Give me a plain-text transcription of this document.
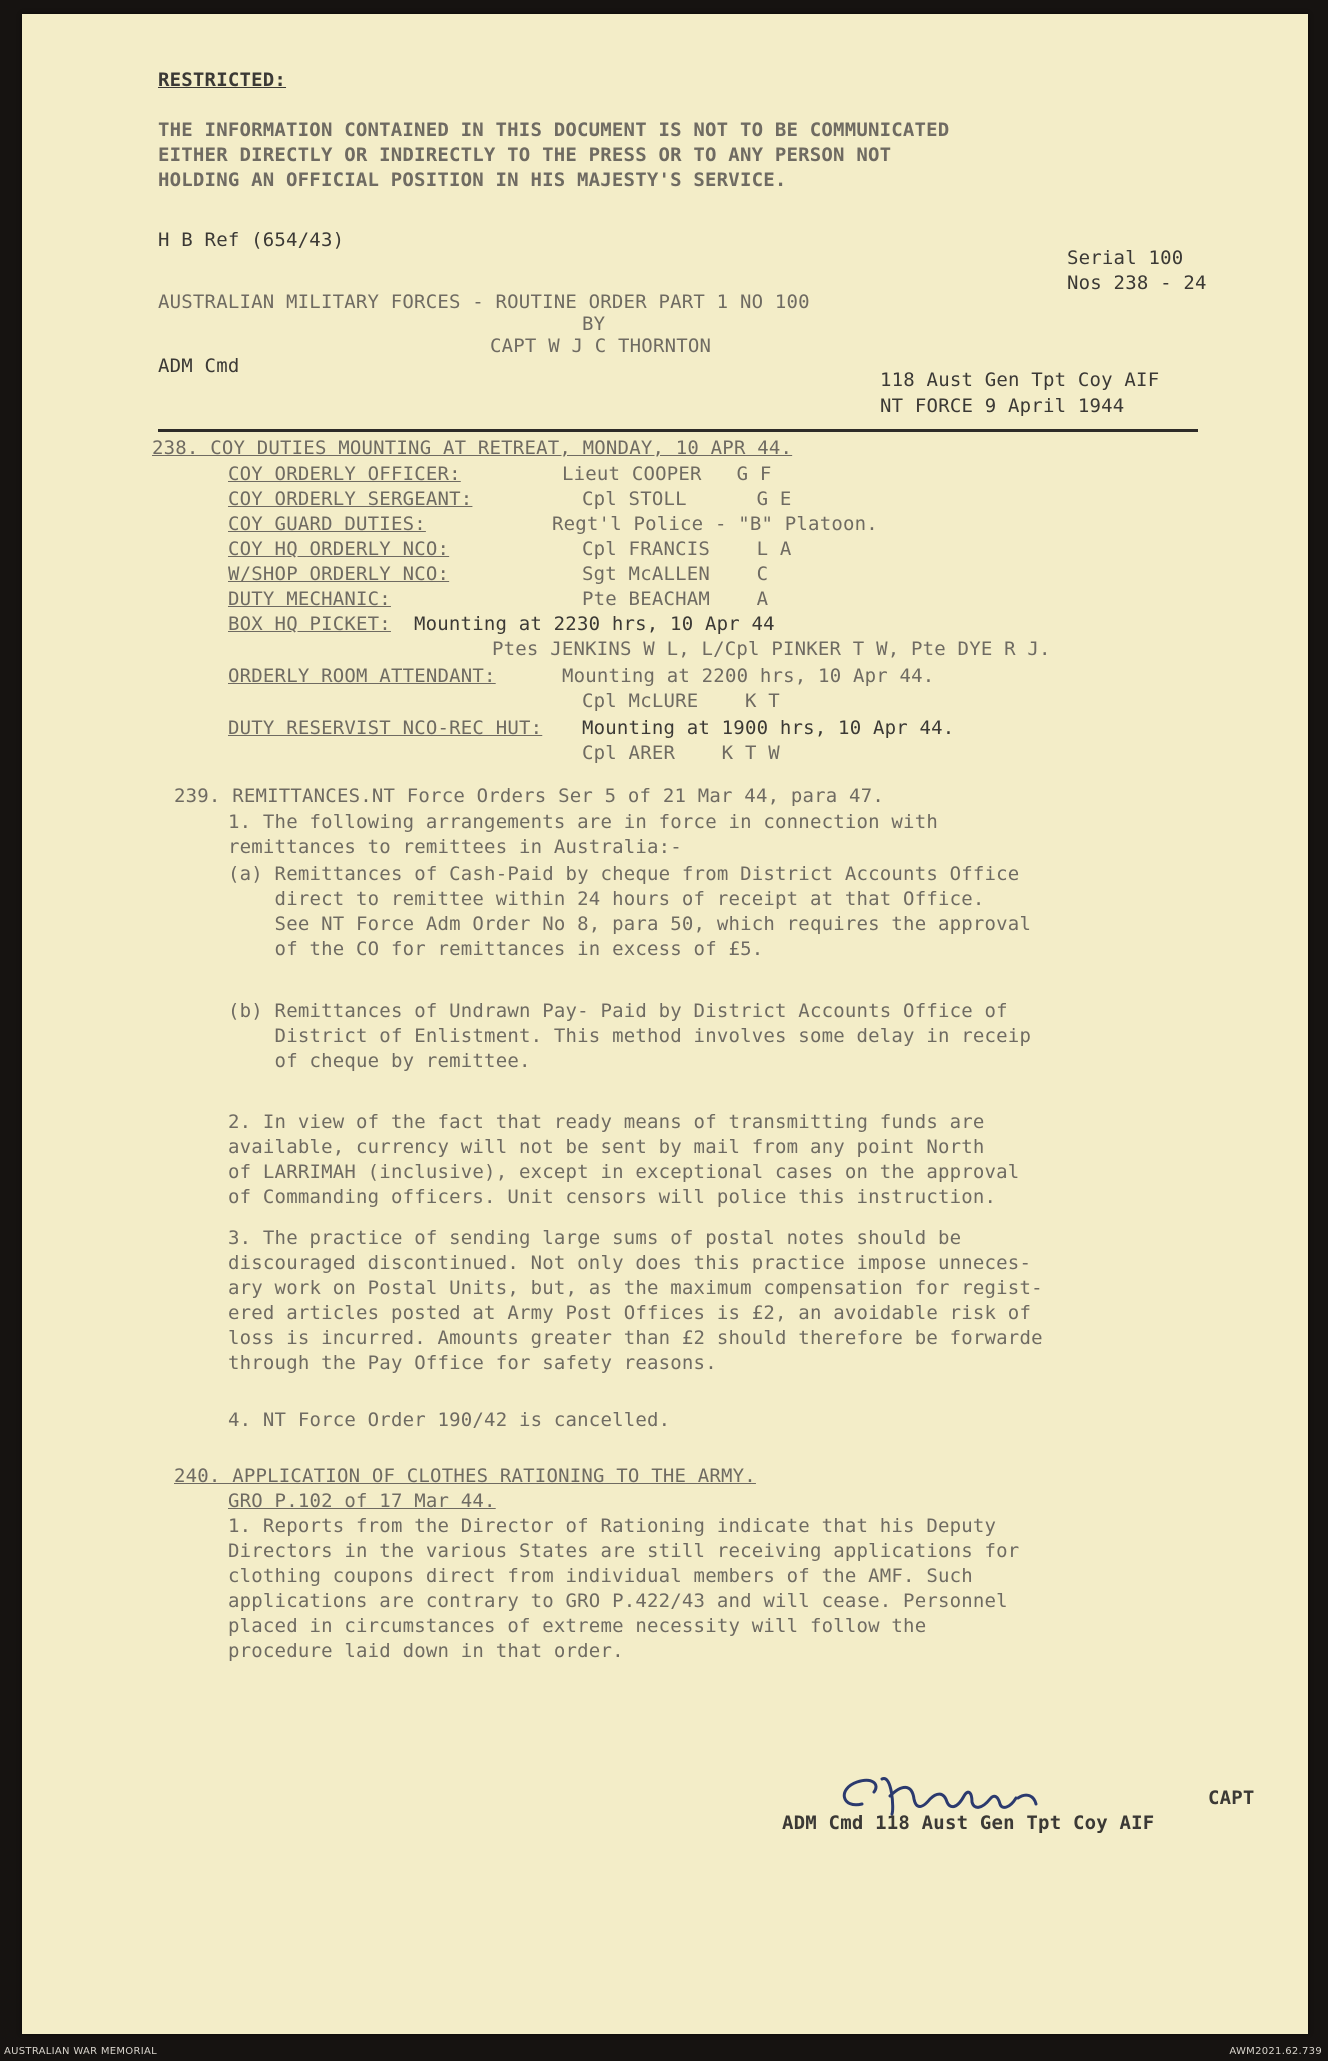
RESTRICTED:
THE INFORMATION CONTAINED IN THIS DOCUMENT IS NOT TO BE COMMUNICATED
EITHER DIRECTLY OR INDIRECTLY TO THE PRESS OR TO ANY PERSON NOT
HOLDING AN OFFICIAL POSITION IN HIS MAJESTY'S SERVICE.
H B Ref (654/43)
Serial 100
Nos 238 - 24
AUSTRALIAN MILITARY FORCES - ROUTINE ORDER PART 1 NO 100
BY
CAPT W J C THORNTON
ADM Cmd
118 Aust Gen Tpt Coy AIF
NT FORCE 9 April 1944
238. COY DUTIES MOUNTING AT RETREAT, MONDAY, 10 APR 44.
COY ORDERLY OFFICER:	Lieut COOPER   G F
COY ORDERLY SERGEANT:	Cpl STOLL      G E
COY GUARD DUTIES:	Regt'l Police - "B" Platoon.
COY HQ ORDERLY NCO:	Cpl FRANCIS    L A
W/SHOP ORDERLY NCO:	Sgt McALLEN    C
DUTY MECHANIC:	Pte BEACHAM    A
BOX HQ PICKET: Mounting at 2230 hrs, 10 Apr 44
Ptes JENKINS W L, L/Cpl PINKER T W, Pte DYE R J.
ORDERLY ROOM ATTENDANT:	Mounting at 2200 hrs, 10 Apr 44.
Cpl McLURE    K T
DUTY RESERVIST NCO-REC HUT: Mounting at 1900 hrs, 10 Apr 44.
Cpl ARER    K T W
239. REMITTANCES.NT Force Orders Ser 5 of 21 Mar 44, para 47.
1. The following arrangements are in force in connection with
remittances to remittees in Australia:-
(a) Remittances of Cash-Paid by cheque from District Accounts Office
direct to remittee within 24 hours of receipt at that Office.
See NT Force Adm Order No 8, para 50, which requires the approval
of the CO for remittances in excess of £5.
(b) Remittances of Undrawn Pay- Paid by District Accounts Office of
District of Enlistment. This method involves some delay in receip
of cheque by remittee.
2. In view of the fact that ready means of transmitting funds are
available, currency will not be sent by mail from any point North
of LARRIMAH (inclusive), except in exceptional cases on the approval
of Commanding officers. Unit censors will police this instruction.
3. The practice of sending large sums of postal notes should be
discouraged discontinued. Not only does this practice impose unneces-
ary work on Postal Units, but, as the maximum compensation for regist-
ered articles posted at Army Post Offices is £2, an avoidable risk of
loss is incurred. Amounts greater than £2 should therefore be forwarde
through the Pay Office for safety reasons.
4. NT Force Order 190/42 is cancelled.
240. APPLICATION OF CLOTHES RATIONING TO THE ARMY.
GRO P.102 of 17 Mar 44.
1. Reports from the Director of Rationing indicate that his Deputy
Directors in the various States are still receiving applications for
clothing coupons direct from individual members of the AMF. Such
applications are contrary to GRO P.422/43 and will cease. Personnel
placed in circumstances of extreme necessity will follow the
procedure laid down in that order.
CAPT
ADM Cmd 118 Aust Gen Tpt Coy AIF
AUSTRALIAN WAR MEMORIAL	AWM2021.62.739
